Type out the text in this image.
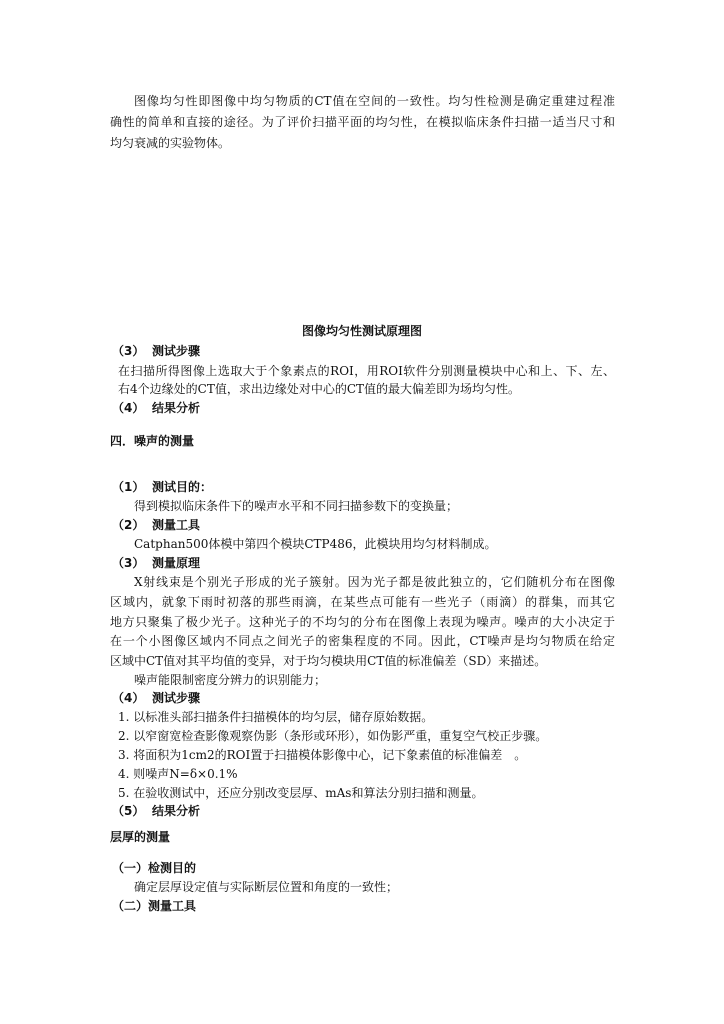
图像均匀性即图像中均匀物质的CT值在空间的一致性。均匀性检测是确定重建过程准
确性的简单和直接的途径。为了评价扫描平面的均匀性，在模拟临床条件扫描一适当尺寸和
均匀衰减的实验物体。
图像均匀性测试原理图
（3） 测试步骤
在扫描所得图像上选取大于个象素点的ROI，用ROI软件分别测量模块中心和上、下、左、
右4个边缘处的CT值，求出边缘处对中心的CT值的最大偏差即为场均匀性。
（4） 结果分析
四．噪声的测量
（1） 测试目的：
得到模拟临床条件下的噪声水平和不同扫描参数下的变换量；
（2） 测量工具
Catphan500体模中第四个模块CTP486，此模块用均匀材料制成。
（3） 测量原理
X射线束是个别光子形成的光子簇射。因为光子都是彼此独立的，它们随机分布在图像
区域内，就象下雨时初落的那些雨滴，在某些点可能有一些光子（雨滴）的群集，而其它
地方只聚集了极少光子。这种光子的不均匀的分布在图像上表现为噪声。噪声的大小决定于
在一个小图像区域内不同点之间光子的密集程度的不同。因此，CT噪声是均匀物质在给定
区域中CT值对其平均值的变异，对于均匀模块用CT值的标准偏差（SD）来描述。
噪声能限制密度分辨力的识别能力；
（4） 测试步骤
1. 以标准头部扫描条件扫描模体的均匀层，储存原始数据。
2. 以窄窗宽检查影像观察伪影（条形或环形），如伪影严重，重复空气校正步骤。
3. 将面积为1cm2的ROI置于扫描模体影像中心，记下象素值的标准偏差　。
4. 则噪声N=δ×0.1%
5. 在验收测试中，还应分别改变层厚、mAs和算法分别扫描和测量。
（5） 结果分析
层厚的测量
（一）检测目的
确定层厚设定值与实际断层位置和角度的一致性；
（二）测量工具
